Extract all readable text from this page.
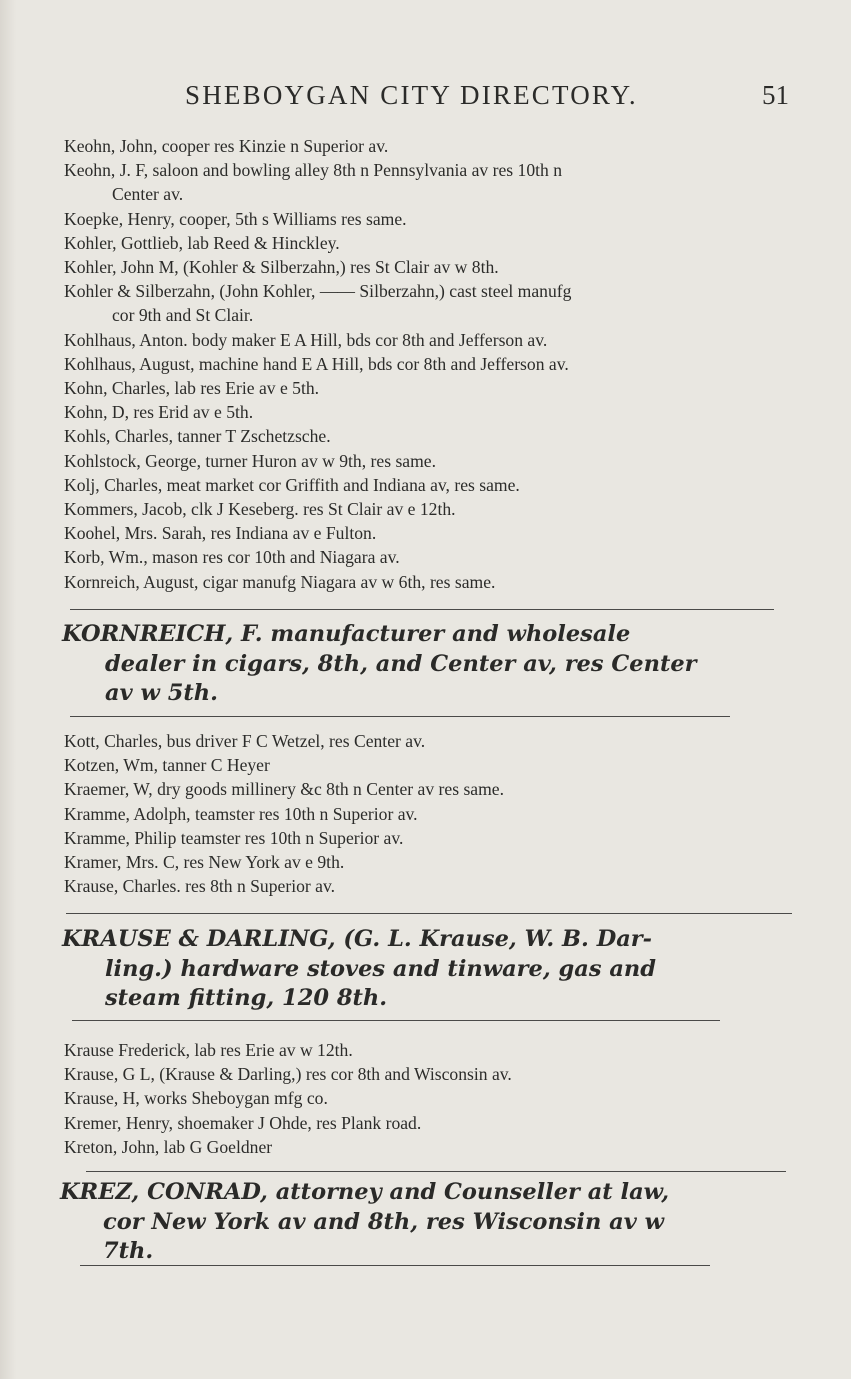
SHEBOYGAN CITY DIRECTORY.	51
Keohn, John, cooper res Kinzie n Superior av.
Keohn, J. F, saloon and bowling alley 8th n Pennsylvania av res 10th n
Center av.
Koepke, Henry, cooper, 5th s Williams res same.
Kohler, Gottlieb, lab Reed & Hinckley.
Kohler, John M, (Kohler & Silberzahn,) res St Clair av w 8th.
Kohler & Silberzahn, (John Kohler, —— Silberzahn,) cast steel manufg
cor 9th and St Clair.
Kohlhaus, Anton. body maker E A Hill, bds cor 8th and Jefferson av.
Kohlhaus, August, machine hand E A Hill, bds cor 8th and Jefferson av.
Kohn, Charles, lab res Erie av e 5th.
Kohn, D, res Erid av e 5th.
Kohls, Charles, tanner T Zschetzsche.
Kohlstock, George, turner Huron av w 9th, res same.
Kolj, Charles, meat market cor Griffith and Indiana av, res same.
Kommers, Jacob, clk J Keseberg. res St Clair av e 12th.
Koohel, Mrs. Sarah, res Indiana av e Fulton.
Korb, Wm., mason res cor 10th and Niagara av.
Kornreich, August, cigar manufg Niagara av w 6th, res same.

KORNREICH, F. manufacturer and wholesale
dealer in cigars, 8th, and Center av, res Center
av w 5th.

Kott, Charles, bus driver F C Wetzel, res Center av.
Kotzen, Wm, tanner C Heyer
Kraemer, W, dry goods millinery &c 8th n Center av res same.
Kramme, Adolph, teamster res 10th n Superior av.
Kramme, Philip teamster res 10th n Superior av.
Kramer, Mrs. C, res New York av e 9th.
Krause, Charles. res 8th n Superior av.

KRAUSE & DARLING, (G. L. Krause, W. B. Dar-
ling.) hardware stoves and tinware, gas and
steam fitting, 120 8th.

Krause Frederick, lab res Erie av w 12th.
Krause, G L, (Krause & Darling,) res cor 8th and Wisconsin av.
Krause, H, works Sheboygan mfg co.
Kremer, Henry, shoemaker J Ohde, res Plank road.
Kreton, John, lab G Goeldner

KREZ, CONRAD, attorney and Counseller at law,
cor New York av and 8th, res Wisconsin av w
7th.
